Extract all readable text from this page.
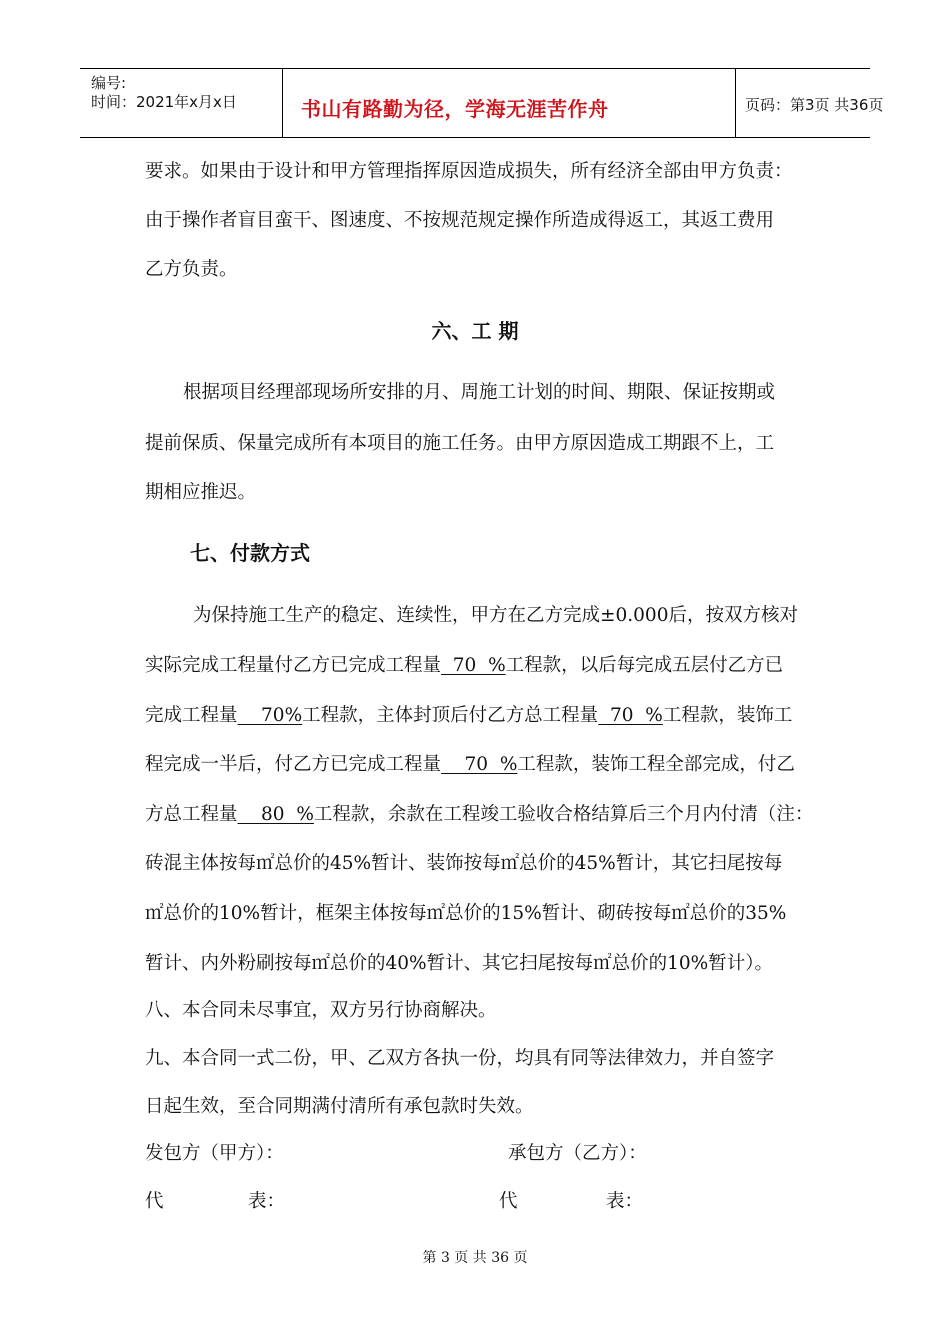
编号:
时间：2021年x月x日	书山有路勤为径，学海无涯苦作舟	页码：第3页 共36页
要求。如果由于设计和甲方管理指挥原因造成损失，所有经济全部由甲方负责：
由于操作者盲目蛮干、图速度、不按规范规定操作所造成得返工，其返工费用
乙方负责。
六、工 期
根据项目经理部现场所安排的月、周施工计划的时间、期限、保证按期或
提前保质、保量完成所有本项目的施工任务。由甲方原因造成工期跟不上，工
期相应推迟。
七、付款方式
为保持施工生产的稳定、连续性，甲方在乙方完成±0.000后，按双方核对
实际完成工程量付乙方已完成工程量  70  %工程款，以后每完成五层付乙方已
完成工程量    70%工程款，主体封顶后付乙方总工程量  70  %工程款，装饰工
程完成一半后，付乙方已完成工程量    70  %工程款，装饰工程全部完成，付乙
方总工程量    80  %工程款，余款在工程竣工验收合格结算后三个月内付清（注：
砖混主体按每㎡总价的45%暂计、装饰按每㎡总价的45%暂计，其它扫尾按每
㎡总价的10%暂计，框架主体按每㎡总价的15%暂计、砌砖按每㎡总价的35%
暂计、内外粉刷按每㎡总价的40%暂计、其它扫尾按每㎡总价的10%暂计）。
八、本合同未尽事宜，双方另行协商解决。
九、本合同一式二份，甲、乙双方各执一份，均具有同等法律效力，并自签字
日起生效，至合同期满付清所有承包款时失效。
发包方（甲方）：	承包方（乙方）：
代	表：	代	表：
第 3 页 共 36 页
